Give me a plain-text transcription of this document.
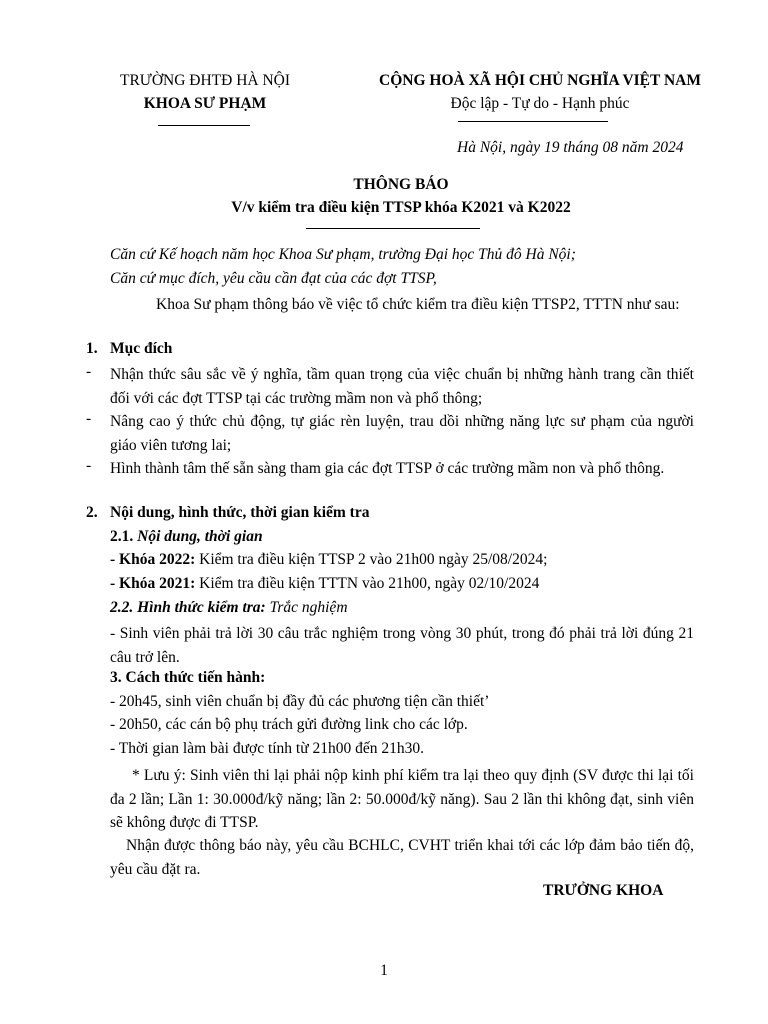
TRƯỜNG ĐHTĐ HÀ NỘI
KHOA SƯ PHẠM
CỘNG HOÀ XÃ HỘI CHỦ NGHĨA VIỆT NAM
Độc lập - Tự do - Hạnh phúc
Hà Nội, ngày 19 tháng 08 năm 2024
THÔNG BÁO
V/v kiểm tra điều kiện TTSP khóa K2021 và K2022
Căn cứ Kế hoạch năm học Khoa Sư phạm, trường Đại học Thủ đô Hà Nội;
Căn cứ mục đích, yêu cầu cần đạt của các đợt TTSP,
Khoa Sư phạm thông báo về việc tổ chức kiểm tra điều kiện TTSP2, TTTN như sau:
1. Mục đích
- Nhận thức sâu sắc về ý nghĩa, tầm quan trọng của việc chuẩn bị những hành trang cần thiết đối với các đợt TTSP tại các trường mầm non và phổ thông;
- Nâng cao ý thức chủ động, tự giác rèn luyện, trau dồi những năng lực sư phạm của người giáo viên tương lai;
- Hình thành tâm thế sẵn sàng tham gia các đợt TTSP ở các trường mầm non và phổ thông.
2. Nội dung, hình thức, thời gian kiểm tra
2.1. Nội dung, thời gian
- Khóa 2022: Kiểm tra điều kiện TTSP 2 vào 21h00 ngày 25/08/2024;
- Khóa 2021: Kiểm tra điều kiện TTTN vào 21h00, ngày 02/10/2024
2.2. Hình thức kiểm tra: Trắc nghiệm
- Sinh viên phải trả lời 30 câu trắc nghiệm trong vòng 30 phút, trong đó phải trả lời đúng 21 câu trở lên.
3. Cách thức tiến hành:
- 20h45, sinh viên chuẩn bị đầy đủ các phương tiện cần thiết’
- 20h50, các cán bộ phụ trách gửi đường link cho các lớp.
- Thời gian làm bài được tính từ 21h00 đến 21h30.
* Lưu ý: Sinh viên thi lại phải nộp kinh phí kiểm tra lại theo quy định (SV được thi lại tối đa 2 lần; Lần 1: 30.000đ/kỹ năng; lần 2: 50.000đ/kỹ năng). Sau 2 lần thi không đạt, sinh viên sẽ không được đi TTSP.
Nhận được thông báo này, yêu cầu BCHLC, CVHT triển khai tới các lớp đảm bảo tiến độ, yêu cầu đặt ra.
TRƯỞNG KHOA
1
